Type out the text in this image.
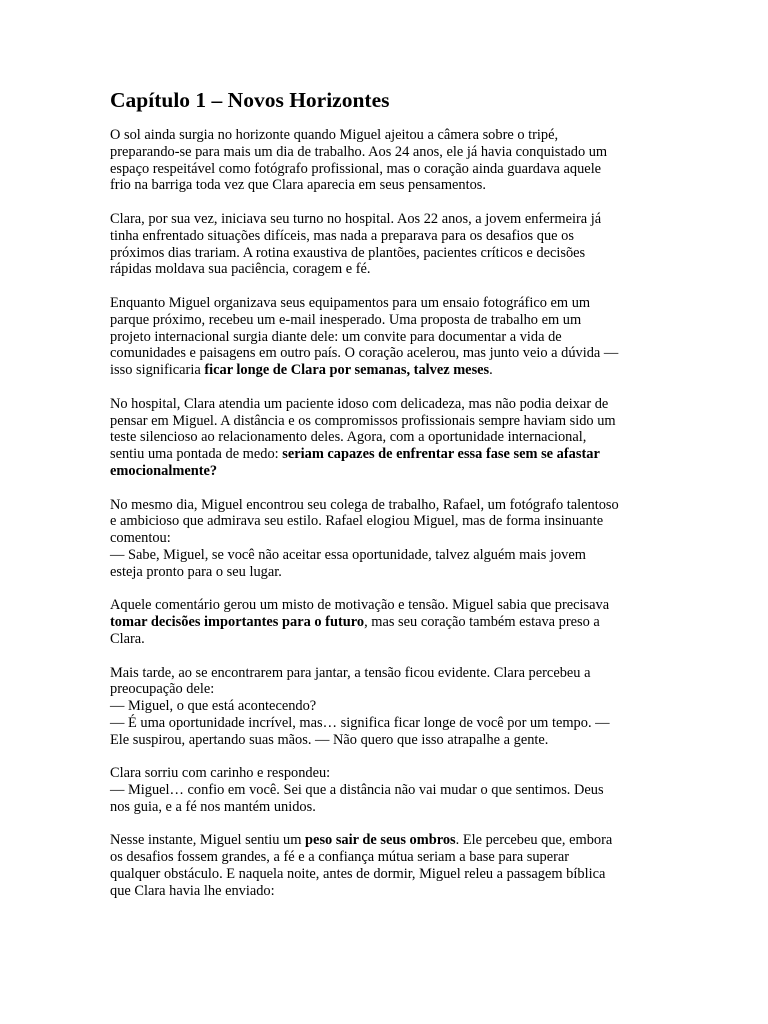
Capítulo 1 – Novos Horizontes

O sol ainda surgia no horizonte quando Miguel ajeitou a câmera sobre o tripé,
preparando-se para mais um dia de trabalho. Aos 24 anos, ele já havia conquistado um
espaço respeitável como fotógrafo profissional, mas o coração ainda guardava aquele
frio na barriga toda vez que Clara aparecia em seus pensamentos.

Clara, por sua vez, iniciava seu turno no hospital. Aos 22 anos, a jovem enfermeira já
tinha enfrentado situações difíceis, mas nada a preparava para os desafios que os
próximos dias trariam. A rotina exaustiva de plantões, pacientes críticos e decisões
rápidas moldava sua paciência, coragem e fé.

Enquanto Miguel organizava seus equipamentos para um ensaio fotográfico em um
parque próximo, recebeu um e-mail inesperado. Uma proposta de trabalho em um
projeto internacional surgia diante dele: um convite para documentar a vida de
comunidades e paisagens em outro país. O coração acelerou, mas junto veio a dúvida —
isso significaria ficar longe de Clara por semanas, talvez meses.

No hospital, Clara atendia um paciente idoso com delicadeza, mas não podia deixar de
pensar em Miguel. A distância e os compromissos profissionais sempre haviam sido um
teste silencioso ao relacionamento deles. Agora, com a oportunidade internacional,
sentiu uma pontada de medo: seriam capazes de enfrentar essa fase sem se afastar
emocionalmente?

No mesmo dia, Miguel encontrou seu colega de trabalho, Rafael, um fotógrafo talentoso
e ambicioso que admirava seu estilo. Rafael elogiou Miguel, mas de forma insinuante
comentou:
— Sabe, Miguel, se você não aceitar essa oportunidade, talvez alguém mais jovem
esteja pronto para o seu lugar.

Aquele comentário gerou um misto de motivação e tensão. Miguel sabia que precisava
tomar decisões importantes para o futuro, mas seu coração também estava preso a
Clara.

Mais tarde, ao se encontrarem para jantar, a tensão ficou evidente. Clara percebeu a
preocupação dele:
— Miguel, o que está acontecendo?
— É uma oportunidade incrível, mas… significa ficar longe de você por um tempo. —
Ele suspirou, apertando suas mãos. — Não quero que isso atrapalhe a gente.

Clara sorriu com carinho e respondeu:
— Miguel… confio em você. Sei que a distância não vai mudar o que sentimos. Deus
nos guia, e a fé nos mantém unidos.

Nesse instante, Miguel sentiu um peso sair de seus ombros. Ele percebeu que, embora
os desafios fossem grandes, a fé e a confiança mútua seriam a base para superar
qualquer obstáculo. E naquela noite, antes de dormir, Miguel releu a passagem bíblica
que Clara havia lhe enviado:
